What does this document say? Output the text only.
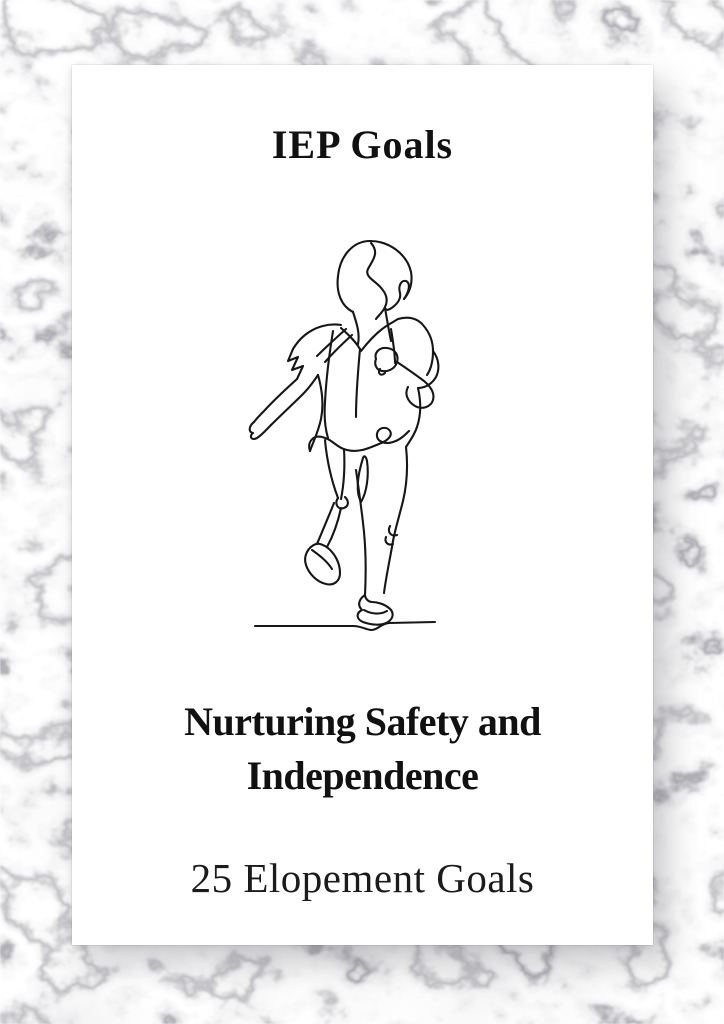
IEP Goals
Nurturing Safety and
Independence
25 Elopement Goals
